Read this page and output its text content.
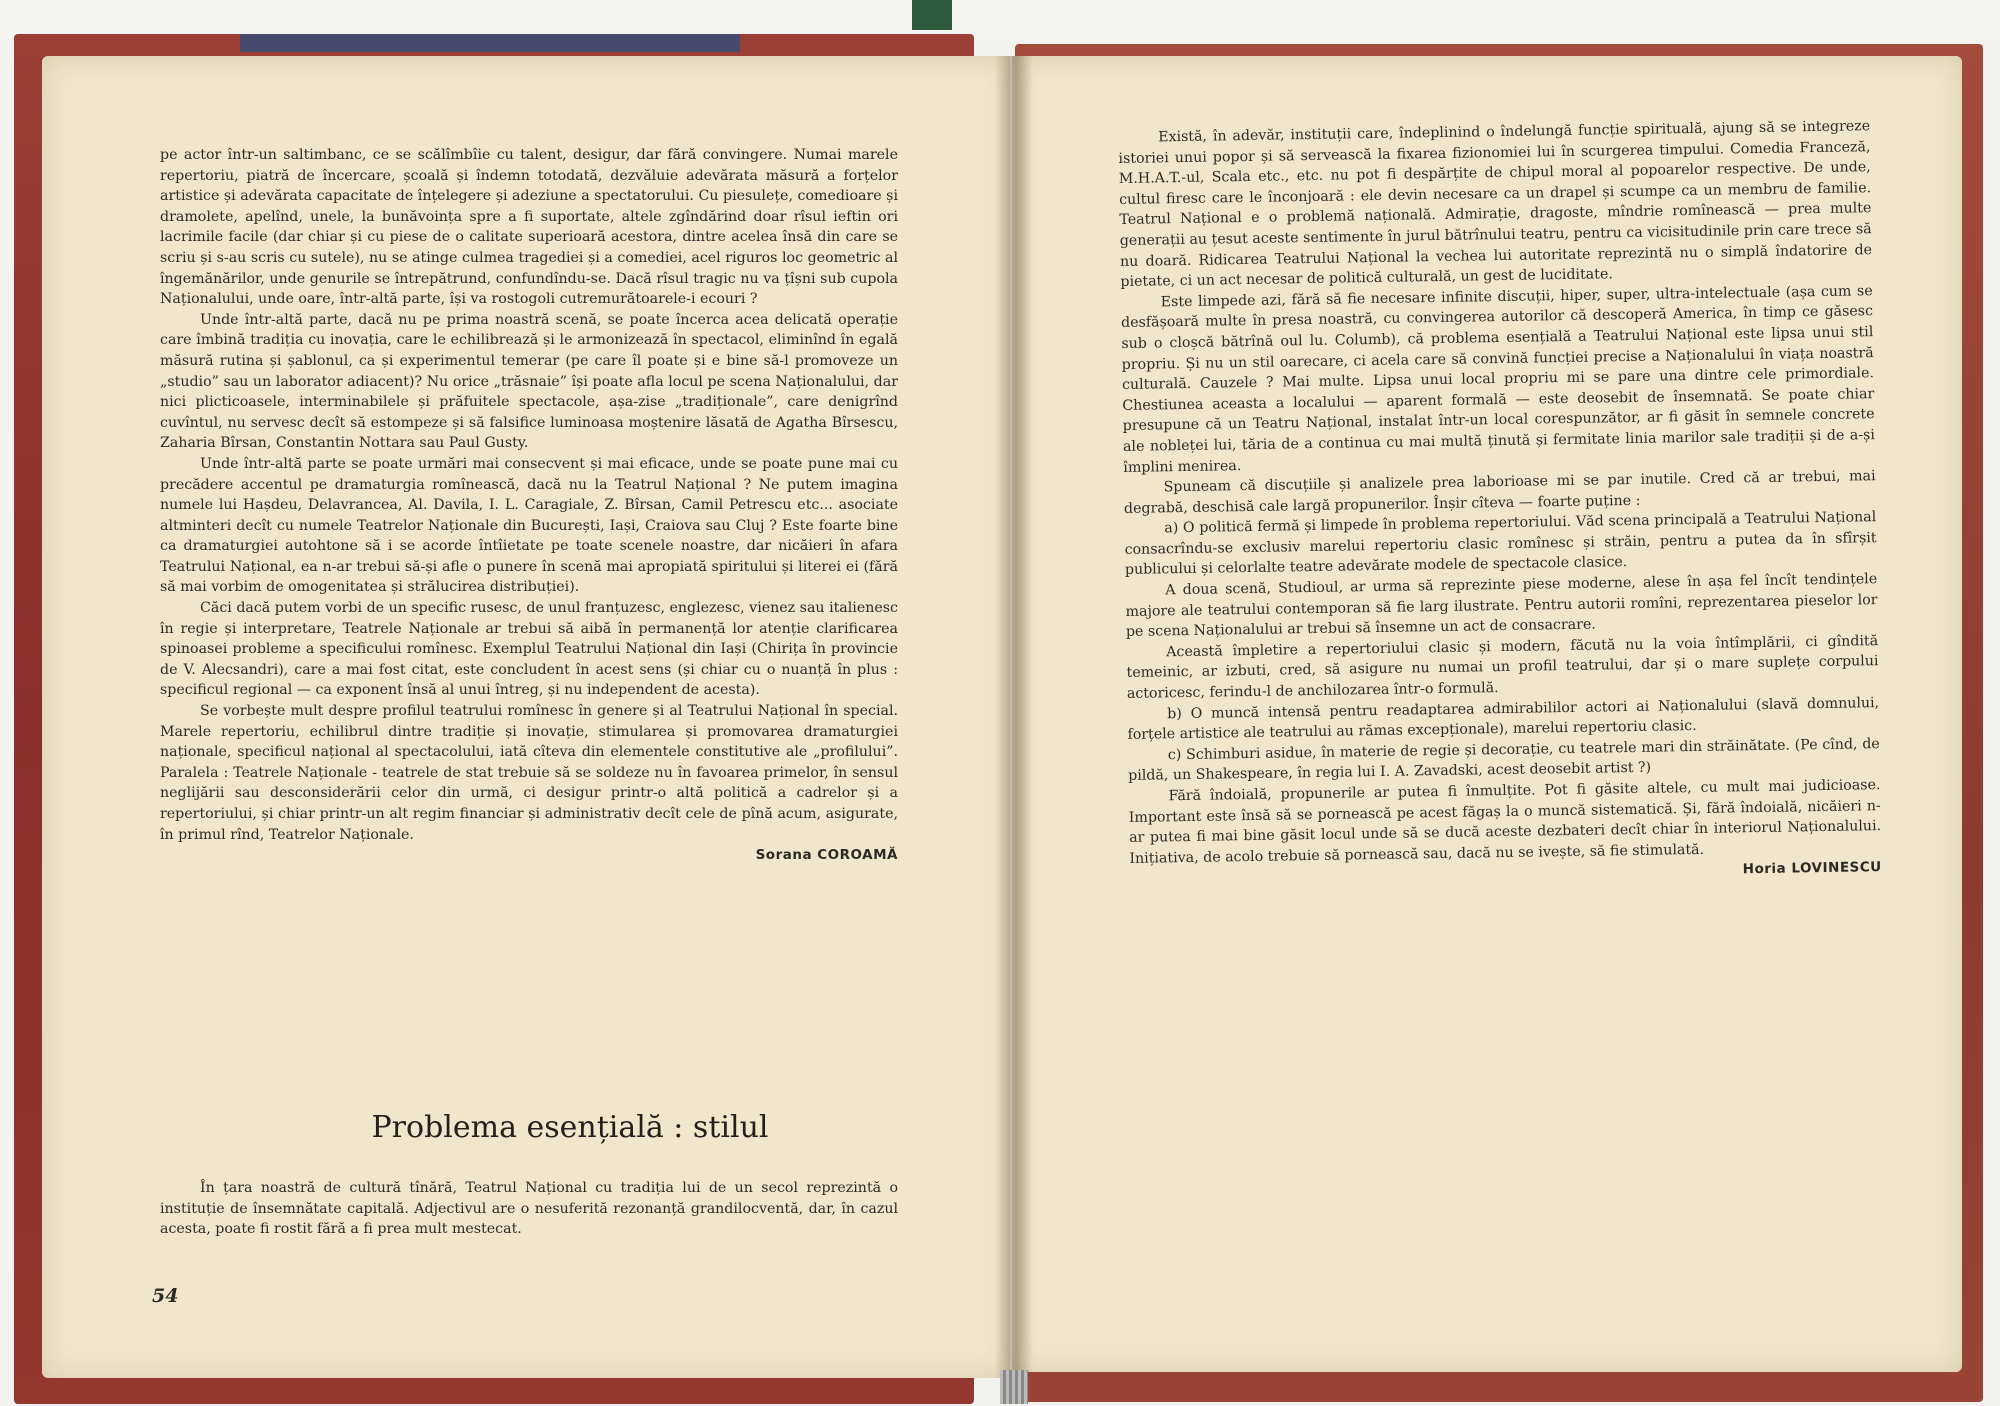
pe actor într-un saltimbanc, ce se scălîmbîie cu talent, desigur, dar fără convingere. Numai marele repertoriu, piatră de încercare, școală și îndemn totodată, dezvăluie adevărata măsură a forțelor artistice și adevărata capacitate de înțelegere și adeziune a spectatorului. Cu piesulețe, comedioare și dramolete, apelînd, unele, la bunăvoința spre a fi suportate, altele zgîndărind doar rîsul ieftin ori lacrimile facile (dar chiar și cu piese de o calitate superioară acestora, dintre acelea însă din care se scriu și s-au scris cu sutele), nu se atinge culmea tragediei și a comediei, acel riguros loc geometric al îngemănărilor, unde genurile se întrepătrund, confundîndu-se. Dacă rîsul tragic nu va țîșni sub cupola Naționalului, unde oare, într-altă parte, își va rostogoli cutremurătoarele-i ecouri ?

Unde într-altă parte, dacă nu pe prima noastră scenă, se poate încerca acea delicată operație care îmbină tradiția cu inovația, care le echilibrează și le armonizează în spectacol, eliminînd în egală măsură rutina și șablonul, ca și experimentul temerar (pe care îl poate și e bine să-l promoveze un „studio” sau un laborator adiacent)? Nu orice „trăsnaie” își poate afla locul pe scena Naționalului, dar nici plicticoasele, interminabilele și prăfuitele spectacole, așa-zise „tradiționale”, care denigrînd cuvîntul, nu servesc decît să estompeze și să falsifice luminoasa moștenire lăsată de Agatha Bîrsescu, Zaharia Bîrsan, Constantin Nottara sau Paul Gusty.

Unde într-altă parte se poate urmări mai consecvent și mai eficace, unde se poate pune mai cu precădere accentul pe dramaturgia romînească, dacă nu la Teatrul Național ? Ne putem imagina numele lui Hașdeu, Delavrancea, Al. Davila, I. L. Caragiale, Z. Bîrsan, Camil Petrescu etc... asociate altminteri decît cu numele Teatrelor Naționale din București, Iași, Craiova sau Cluj ? Este foarte bine ca dramaturgiei autohtone să i se acorde întîietate pe toate scenele noastre, dar nicăieri în afara Teatrului Național, ea n-ar trebui să-și afle o punere în scenă mai apropiată spiritului și literei ei (fără să mai vorbim de omogenitatea și strălucirea distribuției).

Căci dacă putem vorbi de un specific rusesc, de unul franțuzesc, englezesc, vienez sau italienesc în regie și interpretare, Teatrele Naționale ar trebui să aibă în permanență lor atenție clarificarea spinoasei probleme a specificului romînesc. Exemplul Teatrului Național din Iași (Chirița în provincie de V. Alecsandri), care a mai fost citat, este concludent în acest sens (și chiar cu o nuanță în plus : specificul regional — ca exponent însă al unui întreg, și nu independent de acesta).

Se vorbește mult despre profilul teatrului romînesc în genere și al Teatrului Național în special. Marele repertoriu, echilibrul dintre tradiție și inovație, stimularea și promovarea dramaturgiei naționale, specificul național al spectacolului, iată cîteva din elementele constitutive ale „profilului”. Paralela : Teatrele Naționale - teatrele de stat trebuie să se soldeze nu în favoarea primelor, în sensul neglijării sau desconsiderării celor din urmă, ci desigur printr-o altă politică a cadrelor și a repertoriului, și chiar printr-un alt regim financiar și administrativ decît cele de pînă acum, asigurate, în primul rînd, Teatrelor Naționale.

Sorana COROAMĂ

Problema esențială : stilul

În țara noastră de cultură tînără, Teatrul Național cu tradiția lui de un secol reprezintă o instituție de însemnătate capitală. Adjectivul are o nesuferită rezonanță grandilocventă, dar, în cazul acesta, poate fi rostit fără a fi prea mult mestecat.

54

Există, în adevăr, instituții care, îndeplinind o îndelungă funcție spirituală, ajung să se integreze istoriei unui popor și să servească la fixarea fizionomiei lui în scurgerea timpului. Comedia Franceză, M.H.A.T.-ul, Scala etc., etc. nu pot fi despărțite de chipul moral al popoarelor respective. De unde, cultul firesc care le înconjoară : ele devin necesare ca un drapel și scumpe ca un membru de familie. Teatrul Național e o problemă națională. Admirație, dragoste, mîndrie romînească — prea multe generații au țesut aceste sentimente în jurul bătrînului teatru, pentru ca vicisitudinile prin care trece să nu doară. Ridicarea Teatrului Național la vechea lui autoritate reprezintă nu o simplă îndatorire de pietate, ci un act necesar de politică culturală, un gest de luciditate.

Este limpede azi, fără să fie necesare infinite discuții, hiper, super, ultra-intelectuale (așa cum se desfășoară multe în presa noastră, cu convingerea autorilor că descoperă America, în timp ce găsesc sub o cloșcă bătrînă oul lu. Columb), că problema esențială a Teatrului Național este lipsa unui stil propriu. Și nu un stil oarecare, ci acela care să convină funcției precise a Naționalului în viața noastră culturală. Cauzele ? Mai multe. Lipsa unui local propriu mi se pare una dintre cele primordiale. Chestiunea aceasta a localului — aparent formală — este deosebit de însemnată. Se poate chiar presupune că un Teatru Național, instalat într-un local corespunzător, ar fi găsit în semnele concrete ale nobleței lui, tăria de a continua cu mai multă ținută și fermitate linia marilor sale tradiții și de a-și împlini menirea.

Spuneam că discuțiile și analizele prea laborioase mi se par inutile. Cred că ar trebui, mai degrabă, deschisă cale largă propunerilor. Înșir cîteva — foarte puține :

a) O politică fermă și limpede în problema repertoriului. Văd scena principală a Teatrului Național consacrîndu-se exclusiv marelui repertoriu clasic romînesc și străin, pentru a putea da în sfîrșit publicului și celorlalte teatre adevărate modele de spectacole clasice.

A doua scenă, Studioul, ar urma să reprezinte piese moderne, alese în așa fel încît tendințele majore ale teatrului contemporan să fie larg ilustrate. Pentru autorii romîni, reprezentarea pieselor lor pe scena Naționalului ar trebui să însemne un act de consacrare.

Această împletire a repertoriului clasic și modern, făcută nu la voia întîmplării, ci gîndită temeinic, ar izbuti, cred, să asigure nu numai un profil teatrului, dar și o mare suplețe corpului actoricesc, ferindu-l de anchilozarea într-o formulă.

b) O muncă intensă pentru readaptarea admirabililor actori ai Naționalului (slavă domnului, forțele artistice ale teatrului au rămas excepționale), marelui repertoriu clasic.

c) Schimburi asidue, în materie de regie și decorație, cu teatrele mari din străinătate. (Pe cînd, de pildă, un Shakespeare, în regia lui I. A. Zavadski, acest deosebit artist ?)

Fără îndoială, propunerile ar putea fi înmulțite. Pot fi găsite altele, cu mult mai judicioase. Important este însă să se pornească pe acest făgaș la o muncă sistematică. Și, fără îndoială, nicăieri n-ar putea fi mai bine găsit locul unde să se ducă aceste dezbateri decît chiar în interiorul Naționalului. Inițiativa, de acolo trebuie să pornească sau, dacă nu se ivește, să fie stimulată.

Horia LOVINESCU
